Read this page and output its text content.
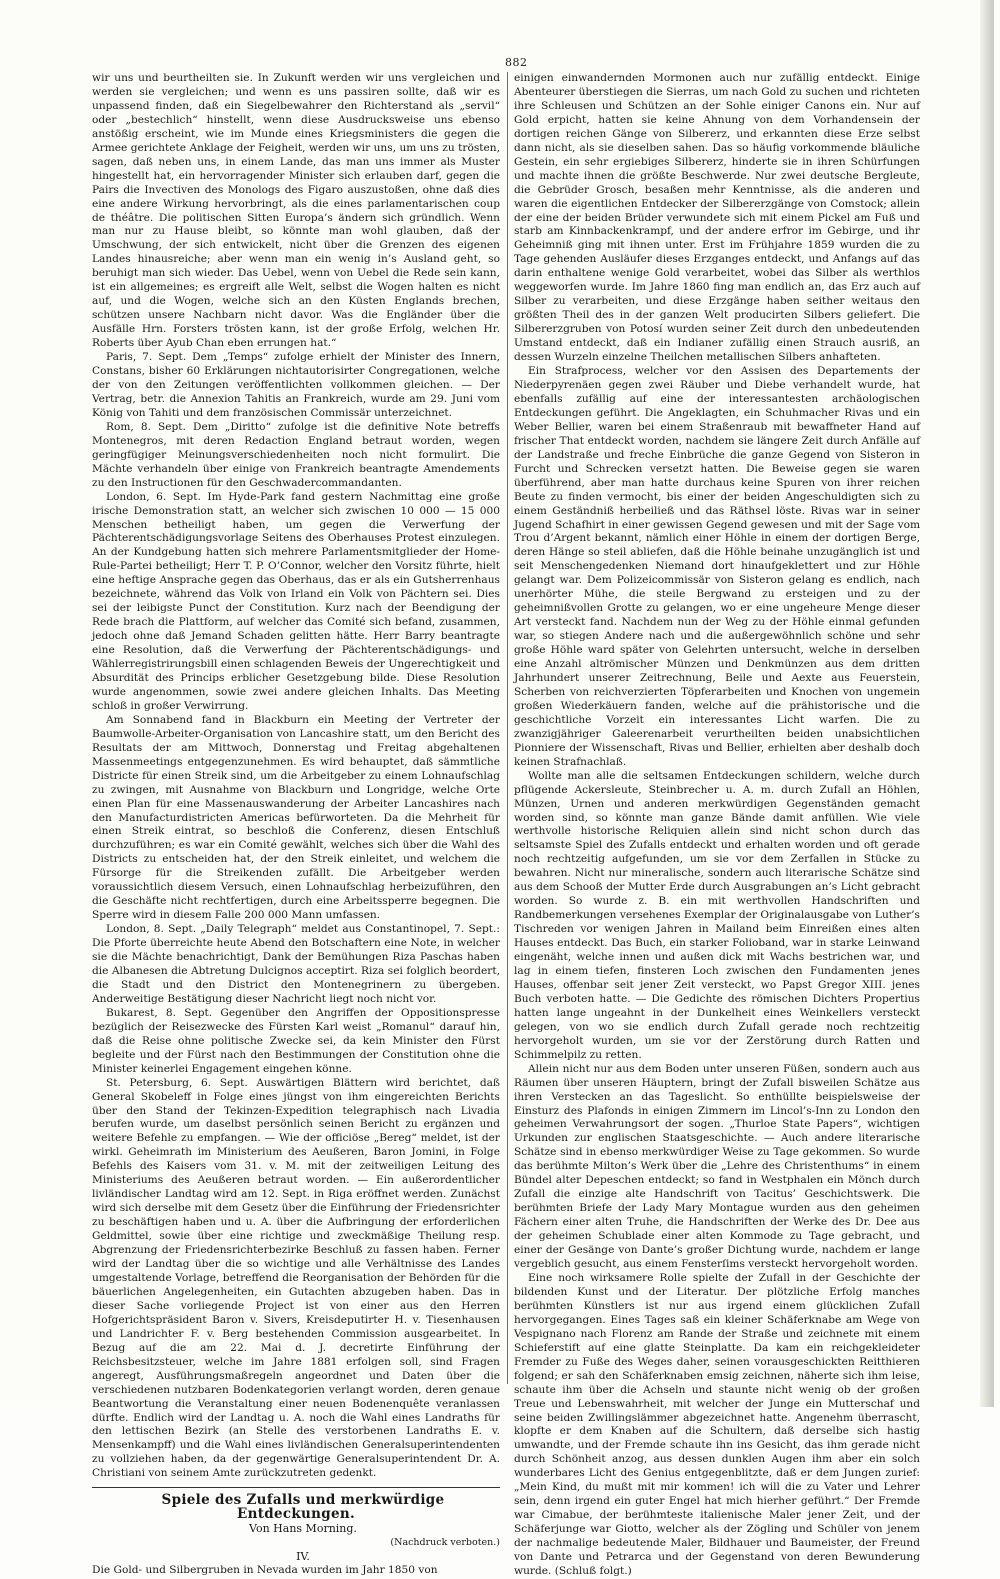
882

wir uns und beurtheilten sie. In Zukunft werden wir uns vergleichen und werden sie vergleichen; und wenn es uns passiren sollte, daß wir es unpassend finden, daß ein Siegelbewahrer den Richterstand als „servil“ oder „bestechlich“ hinstellt, wenn diese Ausdrucksweise uns ebenso anstößig erscheint, wie im Munde eines Kriegsministers die gegen die Armee gerichtete Anklage der Feigheit, werden wir uns, um uns zu trösten, sagen, daß neben uns, in einem Lande, das man uns immer als Muster hingestellt hat, ein hervorragender Minister sich erlauben darf, gegen die Pairs die Invectiven des Monologs des Figaro auszustoßen, ohne daß dies eine andere Wirkung hervorbringt, als die eines parlamentarischen coup de théâtre. Die politischen Sitten Europa’s ändern sich gründlich. Wenn man nur zu Hause bleibt, so könnte man wohl glauben, daß der Umschwung, der sich entwickelt, nicht über die Grenzen des eigenen Landes hinausreiche; aber wenn man ein wenig in’s Ausland geht, so beruhigt man sich wieder. Das Uebel, wenn von Uebel die Rede sein kann, ist ein allgemeines; es ergreift alle Welt, selbst die Wogen halten es nicht auf, und die Wogen, welche sich an den Küsten Englands brechen, schützen unsere Nachbarn nicht davor. Was die Engländer über die Ausfälle Hrn. Forsters trösten kann, ist der große Erfolg, welchen Hr. Roberts über Ayub Chan eben errungen hat.“

Paris, 7. Sept. Dem „Temps“ zufolge erhielt der Minister des Innern, Constans, bisher 60 Erklärungen nichtautorisirter Congregationen, welche der von den Zeitungen veröffentlichten vollkommen gleichen. — Der Vertrag, betr. die Annexion Tahitis an Frankreich, wurde am 29. Juni vom König von Tahiti und dem französischen Commissär unterzeichnet.

Rom, 8. Sept. Dem „Diritto“ zufolge ist die definitive Note betreffs Montenegros, mit deren Redaction England betraut worden, wegen geringfügiger Meinungsverschiedenheiten noch nicht formulirt. Die Mächte verhandeln über einige von Frankreich beantragte Amendements zu den Instructionen für den Geschwadercommandanten.

London, 6. Sept. Im Hyde-Park fand gestern Nachmittag eine große irische Demonstration statt, an welcher sich zwischen 10 000 — 15 000 Menschen betheiligt haben, um gegen die Verwerfung der Pächterentschädigungsvorlage Seitens des Oberhauses Protest einzulegen. An der Kundgebung hatten sich mehrere Parlamentsmitglieder der Home-Rule-Partei betheiligt; Herr T. P. O’Connor, welcher den Vorsitz führte, hielt eine heftige Ansprache gegen das Oberhaus, das er als ein Gutsherrenhaus bezeichnete, während das Volk von Irland ein Volk von Pächtern sei. Dies sei der leibigste Punct der Constitution. Kurz nach der Beendigung der Rede brach die Plattform, auf welcher das Comité sich befand, zusammen, jedoch ohne daß Jemand Schaden gelitten hätte. Herr Barry beantragte eine Resolution, daß die Verwerfung der Pächterentschädigungs- und Wählerregistrirungsbill einen schlagenden Beweis der Ungerechtigkeit und Absurdität des Princips erblicher Gesetzgebung bilde. Diese Resolution wurde angenommen, sowie zwei andere gleichen Inhalts. Das Meeting schloß in großer Verwirrung.

Am Sonnabend fand in Blackburn ein Meeting der Vertreter der Baumwolle-Arbeiter-Organisation von Lancashire statt, um den Bericht des Resultats der am Mittwoch, Donnerstag und Freitag abgehaltenen Massenmeetings entgegenzunehmen. Es wird behauptet, daß sämmtliche Districte für einen Streik sind, um die Arbeitgeber zu einem Lohnaufschlag zu zwingen, mit Ausnahme von Blackburn und Longridge, welche Orte einen Plan für eine Massenauswanderung der Arbeiter Lancashires nach den Manufacturdistricten Americas befürworteten. Da die Mehrheit für einen Streik eintrat, so beschloß die Conferenz, diesen Entschluß durchzuführen; es war ein Comité gewählt, welches sich über die Wahl des Districts zu entscheiden hat, der den Streik einleitet, und welchem die Fürsorge für die Streikenden zufällt. Die Arbeitgeber werden voraussichtlich diesem Versuch, einen Lohnaufschlag herbeizuführen, den die Geschäfte nicht rechtfertigen, durch eine Arbeitssperre begegnen. Die Sperre wird in diesem Falle 200 000 Mann umfassen.

London, 8. Sept. „Daily Telegraph“ meldet aus Constantinopel, 7. Sept.: Die Pforte überreichte heute Abend den Botschaftern eine Note, in welcher sie die Mächte benachrichtigt, Dank der Bemühungen Riza Paschas haben die Albanesen die Abtretung Dulcignos acceptirt. Riza sei folglich beordert, die Stadt und den District den Montenegrinern zu übergeben. Anderweitige Bestätigung dieser Nachricht liegt noch nicht vor.

Bukarest, 8. Sept. Gegenüber den Angriffen der Oppositionspresse bezüglich der Reisezwecke des Fürsten Karl weist „Romanul“ darauf hin, daß die Reise ohne politische Zwecke sei, da kein Minister den Fürst begleite und der Fürst nach den Bestimmungen der Constitution ohne die Minister keinerlei Engagement eingehen könne.

St. Petersburg, 6. Sept. Auswärtigen Blättern wird berichtet, daß General Skobeleff in Folge eines jüngst von ihm eingereichten Berichts über den Stand der Tekinzen-Expedition telegraphisch nach Livadia berufen wurde, um daselbst persönlich seinen Bericht zu ergänzen und weitere Befehle zu empfangen. — Wie der officiöse „Bereg“ meldet, ist der wirkl. Geheimrath im Ministerium des Aeußeren, Baron Jomini, in Folge Befehls des Kaisers vom 31. v. M. mit der zeitweiligen Leitung des Ministeriums des Aeußeren betraut worden. — Ein außerordentlicher livländischer Landtag wird am 12. Sept. in Riga eröffnet werden. Zunächst wird sich derselbe mit dem Gesetz über die Einführung der Friedensrichter zu beschäftigen haben und u. A. über die Aufbringung der erforderlichen Geldmittel, sowie über eine richtige und zweckmäßige Theilung resp. Abgrenzung der Friedensrichterbezirke Beschluß zu fassen haben. Ferner wird der Landtag über die so wichtige und alle Verhältnisse des Landes umgestaltende Vorlage, betreffend die Reorganisation der Behörden für die bäuerlichen Angelegenheiten, ein Gutachten abzugeben haben. Das in dieser Sache vorliegende Project ist von einer aus den Herren Hofgerichtspräsident Baron v. Sivers, Kreisdeputirter H. v. Tiesenhausen und Landrichter F. v. Berg bestehenden Commission ausgearbeitet. In Bezug auf die am 22. Mai d. J. decretirte Einführung der Reichsbesitzsteuer, welche im Jahre 1881 erfolgen soll, sind Fragen angeregt, Ausführungsmaßregeln angeordnet und Daten über die verschiedenen nutzbaren Bodenkategorien verlangt worden, deren genaue Beantwortung die Veranstaltung einer neuen Bodenenquête veranlassen dürfte. Endlich wird der Landtag u. A. noch die Wahl eines Landraths für den lettischen Bezirk (an Stelle des verstorbenen Landraths E. v. Mensenkampff) und die Wahl eines livländischen Generalsuperintendenten zu vollziehen haben, da der gegenwärtige Generalsuperintendent Dr. A. Christiani von seinem Amte zurückzutreten gedenkt.

Spiele des Zufalls und merkwürdige Entdeckungen.

Von Hans Morning.

(Nachdruck verboten.)

IV.

Die Gold- und Silbergruben in Nevada wurden im Jahr 1850 von

einigen einwandernden Mormonen auch nur zufällig entdeckt. Einige Abenteurer überstiegen die Sierras, um nach Gold zu suchen und richteten ihre Schleusen und Schützen an der Sohle einiger Canons ein. Nur auf Gold erpicht, hatten sie keine Ahnung von dem Vorhandensein der dortigen reichen Gänge von Silbererz, und erkannten diese Erze selbst dann nicht, als sie dieselben sahen. Das so häufig vorkommende bläuliche Gestein, ein sehr ergiebiges Silbererz, hinderte sie in ihren Schürfungen und machte ihnen die größte Beschwerde. Nur zwei deutsche Bergleute, die Gebrüder Grosch, besaßen mehr Kenntnisse, als die anderen und waren die eigentlichen Entdecker der Silbererzgänge von Comstock; allein der eine der beiden Brüder verwundete sich mit einem Pickel am Fuß und starb am Kinnbackenkrampf, und der andere erfror im Gebirge, und ihr Geheimniß ging mit ihnen unter. Erst im Frühjahre 1859 wurden die zu Tage gehenden Ausläufer dieses Erzganges entdeckt, und Anfangs auf das darin enthaltene wenige Gold verarbeitet, wobei das Silber als werthlos weggeworfen wurde. Im Jahre 1860 fing man endlich an, das Erz auch auf Silber zu verarbeiten, und diese Erzgänge haben seither weitaus den größten Theil des in der ganzen Welt producirten Silbers geliefert. Die Silbererzgruben von Potosí wurden seiner Zeit durch den unbedeutenden Umstand entdeckt, daß ein Indianer zufällig einen Strauch ausriß, an dessen Wurzeln einzelne Theilchen metallischen Silbers anhafteten.

Ein Strafprocess, welcher vor den Assisen des Departements der Niederpyrenäen gegen zwei Räuber und Diebe verhandelt wurde, hat ebenfalls zufällig auf eine der interessantesten archäologischen Entdeckungen geführt. Die Angeklagten, ein Schuhmacher Rivas und ein Weber Bellier, waren bei einem Straßenraub mit bewaffneter Hand auf frischer That entdeckt worden, nachdem sie längere Zeit durch Anfälle auf der Landstraße und freche Einbrüche die ganze Gegend von Sisteron in Furcht und Schrecken versetzt hatten. Die Beweise gegen sie waren überführend, aber man hatte durchaus keine Spuren von ihrer reichen Beute zu finden vermocht, bis einer der beiden Angeschuldigten sich zu einem Geständniß herbeiließ und das Räthsel löste. Rivas war in seiner Jugend Schafhirt in einer gewissen Gegend gewesen und mit der Sage vom Trou d’Argent bekannt, nämlich einer Höhle in einem der dortigen Berge, deren Hänge so steil abliefen, daß die Höhle beinahe unzugänglich ist und seit Menschengedenken Niemand dort hinaufgeklettert und zur Höhle gelangt war. Dem Polizeicommissär von Sisteron gelang es endlich, nach unerhörter Mühe, die steile Bergwand zu ersteigen und zu der geheimnißvollen Grotte zu gelangen, wo er eine ungeheure Menge dieser Art versteckt fand. Nachdem nun der Weg zu der Höhle einmal gefunden war, so stiegen Andere nach und die außergewöhnlich schöne und sehr große Höhle ward später von Gelehrten untersucht, welche in derselben eine Anzahl altrömischer Münzen und Denkmünzen aus dem dritten Jahrhundert unserer Zeitrechnung, Beile und Aexte aus Feuerstein, Scherben von reichverzierten Töpferarbeiten und Knochen von ungemein großen Wiederkäuern fanden, welche auf die prähistorische und die geschichtliche Vorzeit ein interessantes Licht warfen. Die zu zwanzigjähriger Galeerenarbeit verurtheilten beiden unabsichtlichen Pionniere der Wissenschaft, Rivas und Bellier, erhielten aber deshalb doch keinen Strafnachlaß.

Wollte man alle die seltsamen Entdeckungen schildern, welche durch pflügende Ackersleute, Steinbrecher u. A. m. durch Zufall an Höhlen, Münzen, Urnen und anderen merkwürdigen Gegenständen gemacht worden sind, so könnte man ganze Bände damit anfüllen. Wie viele werthvolle historische Reliquien allein sind nicht schon durch das seltsamste Spiel des Zufalls entdeckt und erhalten worden und oft gerade noch rechtzeitig aufgefunden, um sie vor dem Zerfallen in Stücke zu bewahren. Nicht nur mineralische, sondern auch literarische Schätze sind aus dem Schooß der Mutter Erde durch Ausgrabungen an’s Licht gebracht worden. So wurde z. B. ein mit werthvollen Handschriften und Randbemerkungen versehenes Exemplar der Originalausgabe von Luther’s Tischreden vor wenigen Jahren in Mailand beim Einreißen eines alten Hauses entdeckt. Das Buch, ein starker Folioband, war in starke Leinwand eingenäht, welche innen und außen dick mit Wachs bestrichen war, und lag in einem tiefen, finsteren Loch zwischen den Fundamenten jenes Hauses, offenbar seit jener Zeit versteckt, wo Papst Gregor XIII. jenes Buch verboten hatte. — Die Gedichte des römischen Dichters Propertius hatten lange ungeahnt in der Dunkelheit eines Weinkellers versteckt gelegen, von wo sie endlich durch Zufall gerade noch rechtzeitig hervorgeholt wurden, um sie vor der Zerstörung durch Ratten und Schimmelpilz zu retten.

Allein nicht nur aus dem Boden unter unseren Füßen, sondern auch aus Räumen über unseren Häuptern, bringt der Zufall bisweilen Schätze aus ihren Verstecken an das Tageslicht. So enthüllte beispielsweise der Einsturz des Plafonds in einigen Zimmern im Lincol’s-Inn zu London den geheimen Verwahrungsort der sogen. „Thurloe State Papers“, wichtigen Urkunden zur englischen Staatsgeschichte. — Auch andere literarische Schätze sind in ebenso merkwürdiger Weise zu Tage gekommen. So wurde das berühmte Milton’s Werk über die „Lehre des Christenthums“ in einem Bündel alter Depeschen entdeckt; so fand in Westphalen ein Mönch durch Zufall die einzige alte Handschrift von Tacitus’ Geschichtswerk. Die berühmten Briefe der Lady Mary Montague wurden aus den geheimen Fächern einer alten Truhe, die Handschriften der Werke des Dr. Dee aus der geheimen Schublade einer alten Kommode zu Tage gebracht, und einer der Gesänge von Dante’s großer Dichtung wurde, nachdem er lange vergeblich gesucht, aus einem Fensterſims versteckt hervorgeholt worden.

Eine noch wirksamere Rolle spielte der Zufall in der Geschichte der bildenden Kunst und der Literatur. Der plötzliche Erfolg manches berühmten Künstlers ist nur aus irgend einem glücklichen Zufall hervorgegangen. Eines Tages saß ein kleiner Schäferknabe am Wege von Vespignano nach Florenz am Rande der Straße und zeichnete mit einem Schieferstift auf eine glatte Steinplatte. Da kam ein reichgekleideter Fremder zu Fuße des Weges daher, seinen vorausgeschickten Reitthieren folgend; er sah den Schäferknaben emsig zeichnen, näherte sich ihm leise, schaute ihm über die Achseln und staunte nicht wenig ob der großen Treue und Lebenswahrheit, mit welcher der Junge ein Mutterschaf und seine beiden Zwillingslämmer abgezeichnet hatte. Angenehm überrascht, klopfte er dem Knaben auf die Schultern, daß derselbe sich hastig umwandte, und der Fremde schaute ihn ins Gesicht, das ihm gerade nicht durch Schönheit anzog, aus dessen dunklen Augen ihm aber ein solch wunderbares Licht des Genius entgegenblitzte, daß er dem Jungen zurief: „Mein Kind, du mußt mit mir kommen! ich will die zu Vater und Lehrer sein, denn irgend ein guter Engel hat mich hierher geführt.“ Der Fremde war Cimabue, der berühmteste italienische Maler jener Zeit, und der Schäferjunge war Giotto, welcher als der Zögling und Schüler von jenem der nachmalige bedeutende Maler, Bildhauer und Baumeister, der Freund von Dante und Petrarca und der Gegenstand von deren Bewunderung wurde. (Schluß folgt.)
